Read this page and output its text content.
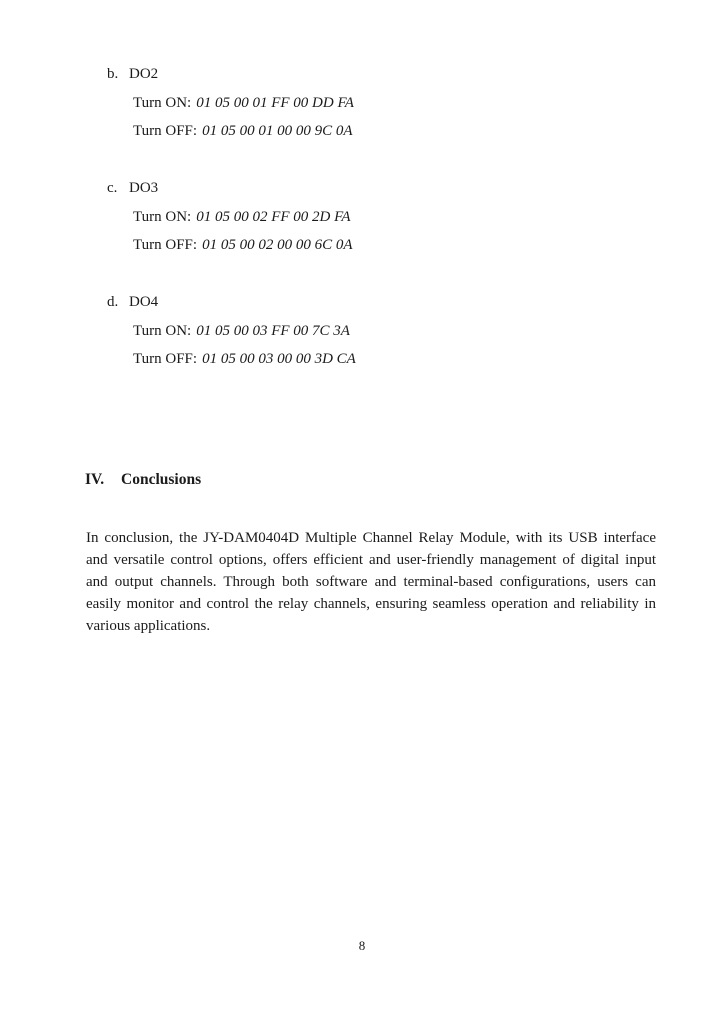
b. DO2
Turn ON: 01 05 00 01 FF 00 DD FA
Turn OFF: 01 05 00 01 00 00 9C 0A
c. DO3
Turn ON: 01 05 00 02 FF 00 2D FA
Turn OFF: 01 05 00 02 00 00 6C 0A
d. DO4
Turn ON: 01 05 00 03 FF 00 7C 3A
Turn OFF: 01 05 00 03 00 00 3D CA
IV. Conclusions

In conclusion, the JY-DAM0404D Multiple Channel Relay Module, with its USB interface and versatile control options, offers efficient and user-friendly management of digital input and output channels. Through both software and terminal-based configurations, users can easily monitor and control the relay channels, ensuring seamless operation and reliability in various applications.

8
